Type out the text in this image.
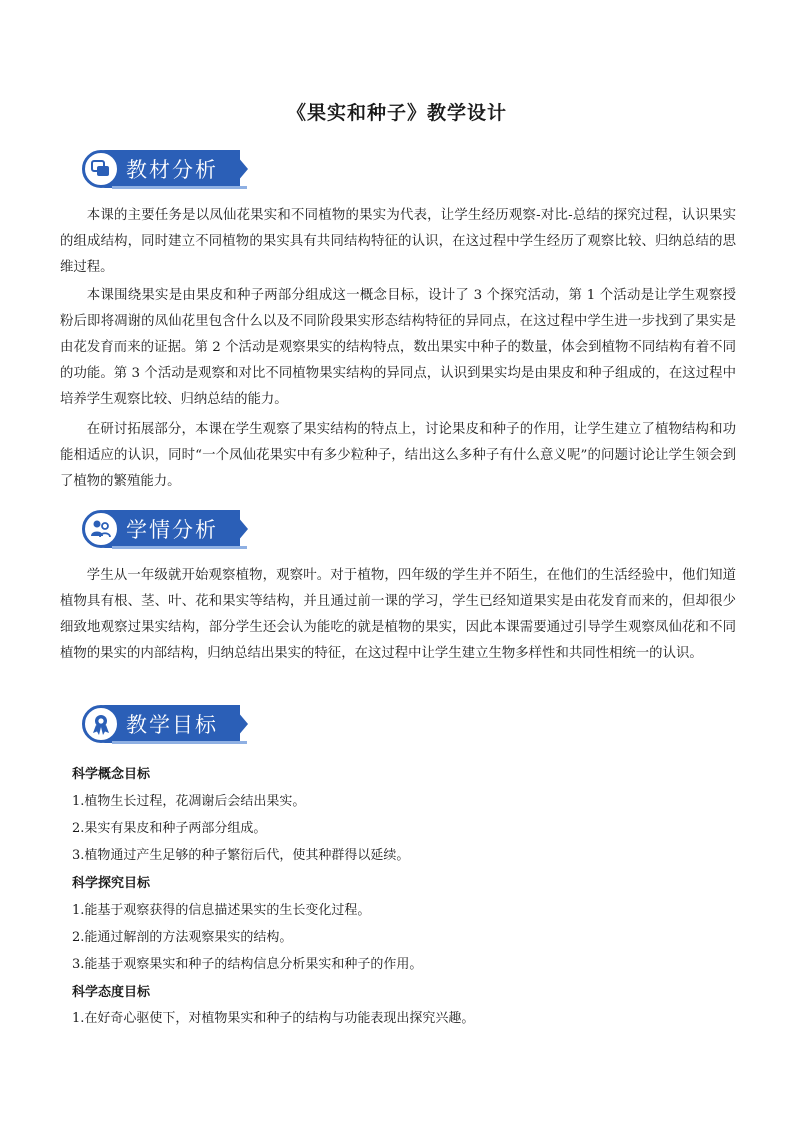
《果实和种子》教学设计
教材分析

本课的主要任务是以凤仙花果实和不同植物的果实为代表，让学生经历观察-对比-总结的探究过程，认识果实的组成结构，同时建立不同植物的果实具有共同结构特征的认识，在这过程中学生经历了观察比较、归纳总结的思维过程。

本课围绕果实是由果皮和种子两部分组成这一概念目标，设计了 3 个探究活动，第 1 个活动是让学生观察授粉后即将凋谢的凤仙花里包含什么以及不同阶段果实形态结构特征的异同点，在这过程中学生进一步找到了果实是由花发育而来的证据。第 2 个活动是观察果实的结构特点，数出果实中种子的数量，体会到植物不同结构有着不同的功能。第 3 个活动是观察和对比不同植物果实结构的异同点，认识到果实均是由果皮和种子组成的，在这过程中培养学生观察比较、归纳总结的能力。

在研讨拓展部分，本课在学生观察了果实结构的特点上，讨论果皮和种子的作用，让学生建立了植物结构和功能相适应的认识，同时“一个凤仙花果实中有多少粒种子，结出这么多种子有什么意义呢”的问题讨论让学生领会到了植物的繁殖能力。

学情分析

学生从一年级就开始观察植物，观察叶。对于植物，四年级的学生并不陌生，在他们的生活经验中，他们知道植物具有根、茎、叶、花和果实等结构，并且通过前一课的学习，学生已经知道果实是由花发育而来的，但却很少细致地观察过果实结构，部分学生还会认为能吃的就是植物的果实，因此本课需要通过引导学生观察凤仙花和不同植物的果实的内部结构，归纳总结出果实的特征，在这过程中让学生建立生物多样性和共同性相统一的认识。

教学目标

科学概念目标

1.植物生长过程，花凋谢后会结出果实。

2.果实有果皮和种子两部分组成。

3.植物通过产生足够的种子繁衍后代，使其种群得以延续。

科学探究目标

1.能基于观察获得的信息描述果实的生长变化过程。

2.能通过解剖的方法观察果实的结构。

3.能基于观察果实和种子的结构信息分析果实和种子的作用。

科学态度目标

1.在好奇心驱使下，对植物果实和种子的结构与功能表现出探究兴趣。
